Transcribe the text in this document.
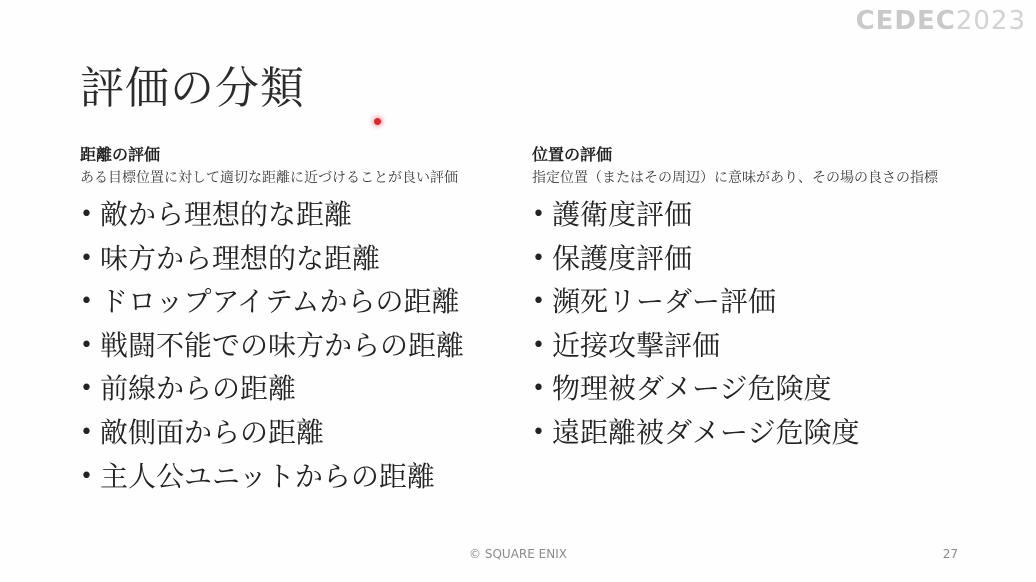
CEDEC2023
評価の分類
距離の評価
ある目標位置に対して適切な距離に近づけることが良い評価
• 敵から理想的な距離
• 味方から理想的な距離
• ドロップアイテムからの距離
• 戦闘不能での味方からの距離
• 前線からの距離
• 敵側面からの距離
• 主人公ユニットからの距離
位置の評価
指定位置（またはその周辺）に意味があり、その場の良さの指標
• 護衛度評価
• 保護度評価
• 瀕死リーダー評価
• 近接攻撃評価
• 物理被ダメージ危険度
• 遠距離被ダメージ危険度
© SQUARE ENIX	27
